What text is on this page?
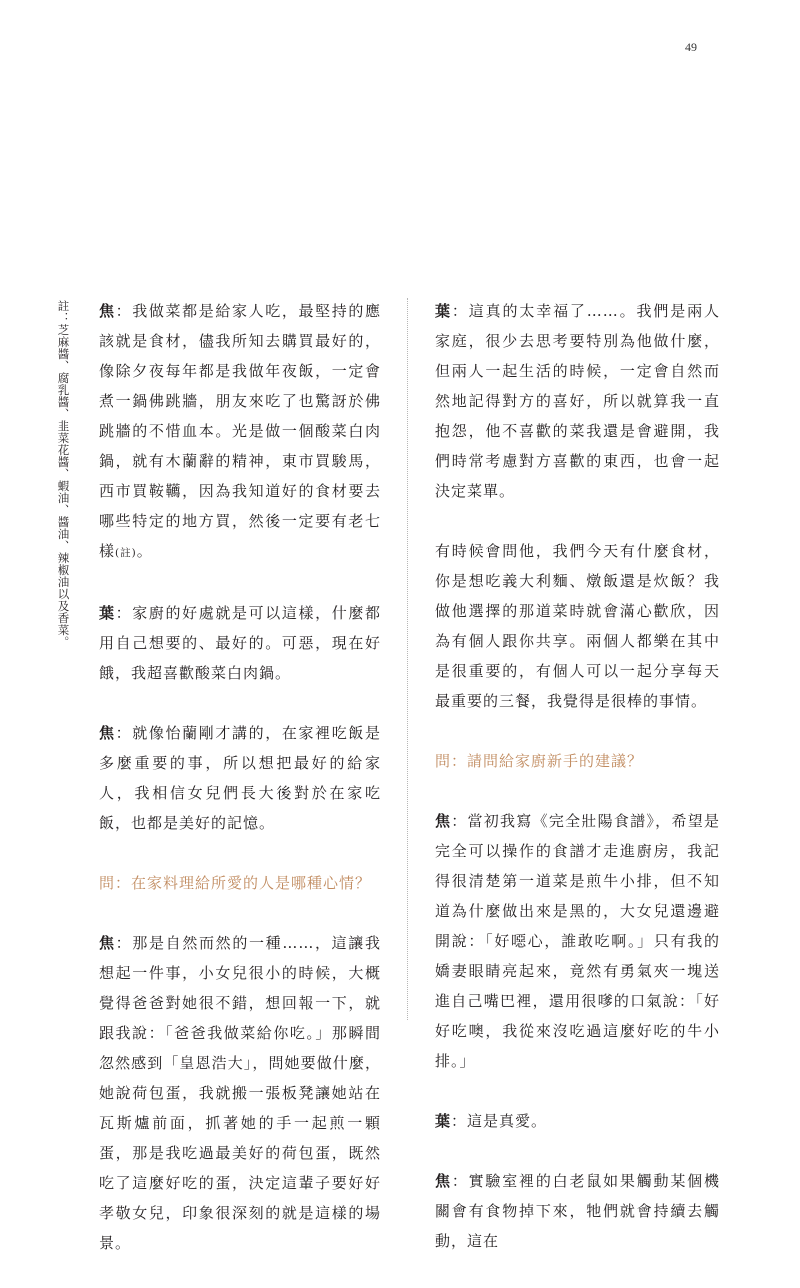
49
註：芝麻醬、腐乳醬、韭菜花醬、蝦油、醬油、辣椒油以及香菜。 焦：我做菜都是給家人吃，最堅持的應該就是食材，儘我所知去購買最好的，像除夕夜每年都是我做年夜飯，一定會煮一鍋佛跳牆，朋友來吃了也驚訝於佛跳牆的不惜血本。光是做一個酸菜白肉鍋，就有木蘭辭的精神，東市買駿馬，西市買鞍韉，因為我知道好的食材要去哪些特定的地方買，然後一定要有老七樣(註)。

葉：家廚的好處就是可以這樣，什麼都用自己想要的、最好的。可惡，現在好餓，我超喜歡酸菜白肉鍋。

焦：就像怡蘭剛才講的，在家裡吃飯是多麼重要的事，所以想把最好的給家人，我相信女兒們長大後對於在家吃飯，也都是美好的記憶。

問：在家料理給所愛的人是哪種心情？

焦：那是自然而然的一種……，這讓我想起一件事，小女兒很小的時候，大概覺得爸爸對她很不錯，想回報一下，就跟我說：「爸爸我做菜給你吃。」那瞬間忽然感到「皇恩浩大」，問她要做什麼，她說荷包蛋，我就搬一張板凳讓她站在瓦斯爐前面，抓著她的手一起煎一顆蛋，那是我吃過最美好的荷包蛋，既然吃了這麼好吃的蛋，決定這輩子要好好孝敬女兒，印象很深刻的就是這樣的場景。

葉：這真的太幸福了……。我們是兩人家庭，很少去思考要特別為他做什麼，但兩人一起生活的時候，一定會自然而然地記得對方的喜好，所以就算我一直抱怨，他不喜歡的菜我還是會避開，我們時常考慮對方喜歡的東西，也會一起決定菜單。

有時候會問他，我們今天有什麼食材，你是想吃義大利麵、燉飯還是炊飯？我做他選擇的那道菜時就會滿心歡欣，因為有個人跟你共享。兩個人都樂在其中是很重要的，有個人可以一起分享每天最重要的三餐，我覺得是很棒的事情。

問：請問給家廚新手的建議？

焦：當初我寫《完全壯陽食譜》，希望是完全可以操作的食譜才走進廚房，我記得很清楚第一道菜是煎牛小排，但不知道為什麼做出來是黑的，大女兒還邊避開說：「好噁心，誰敢吃啊。」只有我的嬌妻眼睛亮起來，竟然有勇氣夾一塊送進自己嘴巴裡，還用很嗲的口氣說：「好好吃噢，我從來沒吃過這麼好吃的牛小排。」

葉：這是真愛。

焦：實驗室裡的白老鼠如果觸動某個機關會有食物掉下來，牠們就會持續去觸動，這在
